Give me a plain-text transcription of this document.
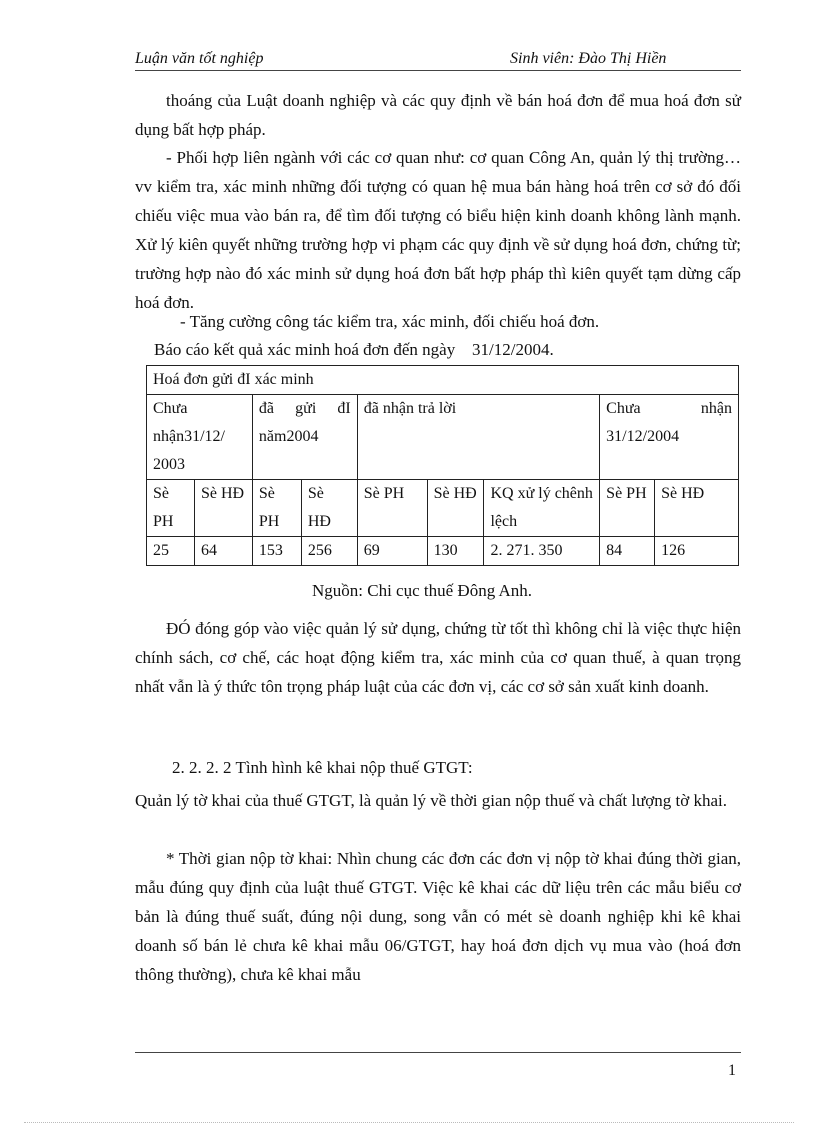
Luận văn tốt nghiệp	Sinh viên: Đào Thị Hiền

thoáng của Luật doanh nghiệp và các quy định về bán hoá đơn để mua hoá đơn sử dụng bất hợp pháp.

- Phối hợp liên ngành với các cơ quan như: cơ quan Công An, quản lý thị trường…vv kiểm tra, xác minh những đối tượng có quan hệ mua bán hàng hoá trên cơ sở đó đối chiếu việc mua vào bán ra, để tìm đối tượng có biểu hiện kinh doanh không lành mạnh. Xử lý kiên quyết những trường hợp vi phạm các quy định về sử dụng hoá đơn, chứng từ; trường hợp nào đó xác minh sử dụng hoá đơn bất hợp pháp thì kiên quyết tạm dừng cấp hoá đơn.

- Tăng cường công tác kiểm tra, xác minh, đối chiếu hoá đơn.

Báo cáo kết quả xác minh hoá đơn đến ngày 31/12/2004.
Hoá đơn gửi đI xác minh								
Chưa nhận31/12/ 2003		đã gửi đI năm2004		đã nhận trả lời			Chưa nhận 31/12/2004	
Sè PH	Sè HĐ	Sè PH	Sè HĐ	Sè PH	Sè HĐ	KQ xử lý chênh lệch	Sè PH	Sè HĐ
25	64	153	256	69	130	2. 271. 350	84	126

Nguồn: Chi cục thuế Đông Anh.

ĐÓ đóng góp vào việc quản lý sử dụng, chứng từ tốt thì không chỉ là việc thực hiện chính sách, cơ chế, các hoạt động kiểm tra, xác minh của cơ quan thuế, à quan trọng nhất vẫn là ý thức tôn trọng pháp luật của các đơn vị, các cơ sở sản xuất kinh doanh.

2. 2. 2. 2 Tình hình kê khai nộp thuế GTGT:

Quản lý tờ khai của thuế GTGT, là quản lý về thời gian nộp thuế và chất lượng tờ khai.

* Thời gian nộp tờ khai: Nhìn chung các đơn các đơn vị nộp tờ khai đúng thời gian, mẫu đúng quy định của luật thuế GTGT. Việc kê khai các dữ liệu trên các mẫu biểu cơ bản là đúng thuế suất, đúng nội dung, song vẫn có mét sè doanh nghiệp khi kê khai doanh số bán lẻ chưa kê khai mẫu 06/GTGT, hay hoá đơn dịch vụ mua vào (hoá đơn thông thường), chưa kê khai mẫu

1
